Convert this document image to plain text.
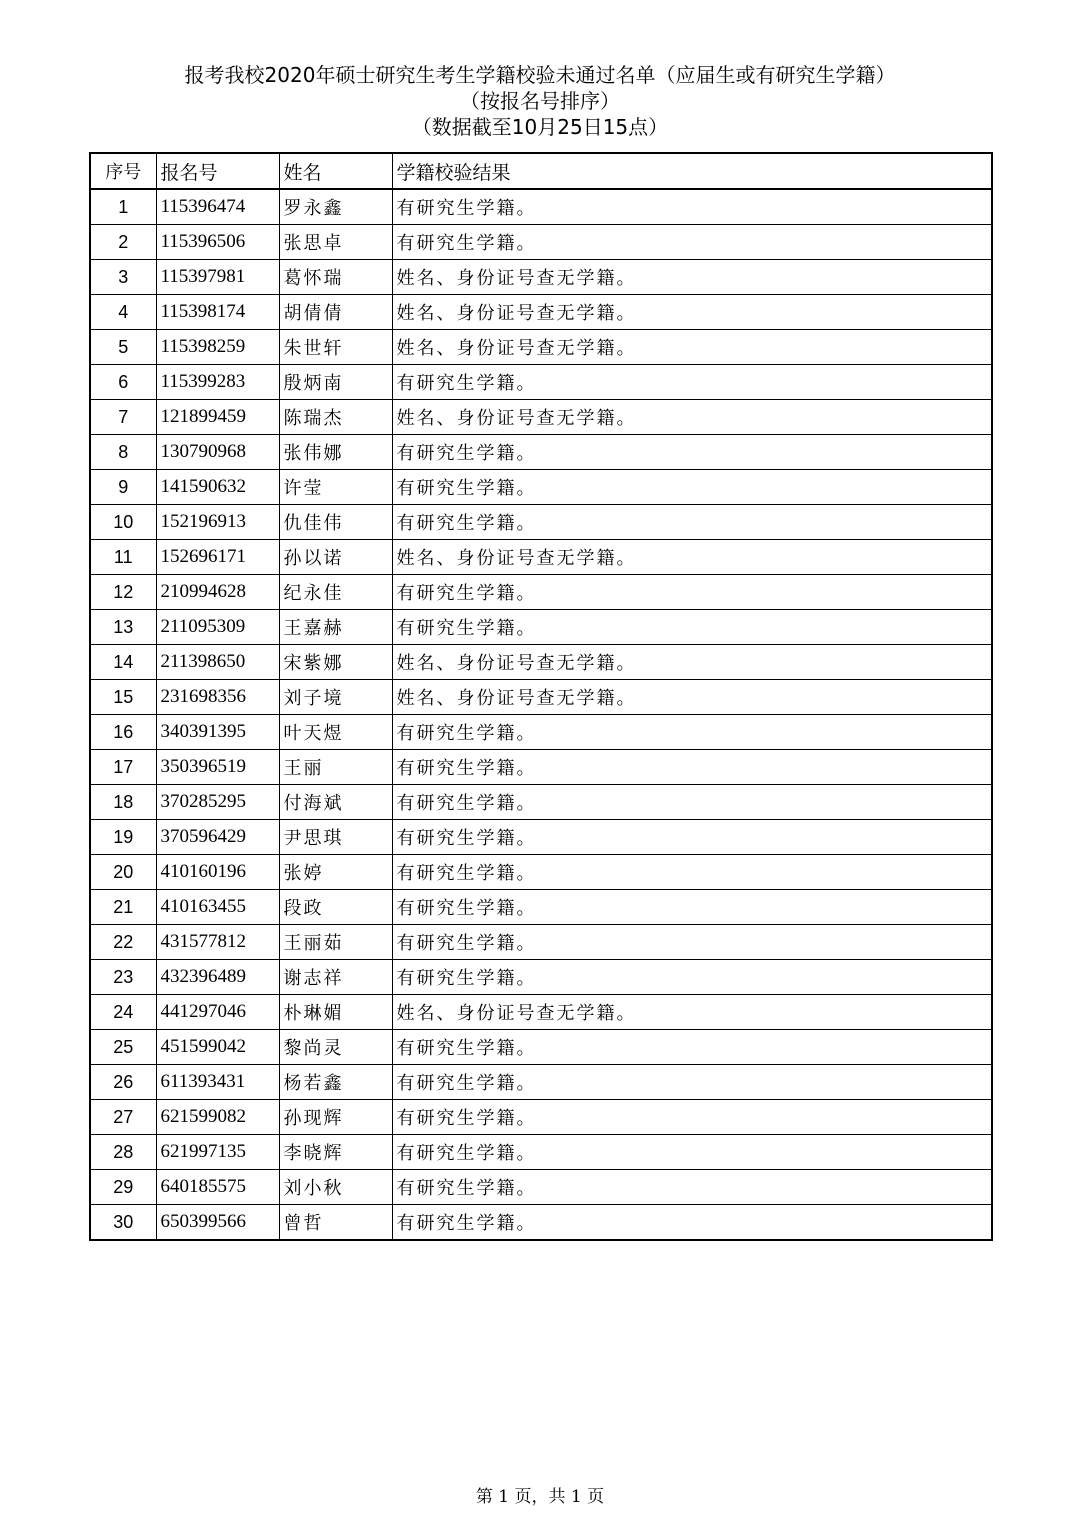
报考我校2020年硕士研究生考生学籍校验未通过名单（应届生或有研究生学籍）
（按报名号排序）
（数据截至10月25日15点）
序号	报名号	姓名	学籍校验结果
1	115396474	罗永鑫	有研究生学籍。
2	115396506	张思卓	有研究生学籍。
3	115397981	葛怀瑞	姓名、身份证号查无学籍。
4	115398174	胡倩倩	姓名、身份证号查无学籍。
5	115398259	朱世轩	姓名、身份证号查无学籍。
6	115399283	殷炳南	有研究生学籍。
7	121899459	陈瑞杰	姓名、身份证号查无学籍。
8	130790968	张伟娜	有研究生学籍。
9	141590632	许莹	有研究生学籍。
10	152196913	仇佳伟	有研究生学籍。
11	152696171	孙以诺	姓名、身份证号查无学籍。
12	210994628	纪永佳	有研究生学籍。
13	211095309	王嘉赫	有研究生学籍。
14	211398650	宋紫娜	姓名、身份证号查无学籍。
15	231698356	刘子境	姓名、身份证号查无学籍。
16	340391395	叶天煜	有研究生学籍。
17	350396519	王丽	有研究生学籍。
18	370285295	付海斌	有研究生学籍。
19	370596429	尹思琪	有研究生学籍。
20	410160196	张婷	有研究生学籍。
21	410163455	段政	有研究生学籍。
22	431577812	王丽茹	有研究生学籍。
23	432396489	谢志祥	有研究生学籍。
24	441297046	朴琳媚	姓名、身份证号查无学籍。
25	451599042	黎尚灵	有研究生学籍。
26	611393431	杨若鑫	有研究生学籍。
27	621599082	孙现辉	有研究生学籍。
28	621997135	李晓辉	有研究生学籍。
29	640185575	刘小秋	有研究生学籍。
30	650399566	曾哲	有研究生学籍。
第 1 页，共 1 页
